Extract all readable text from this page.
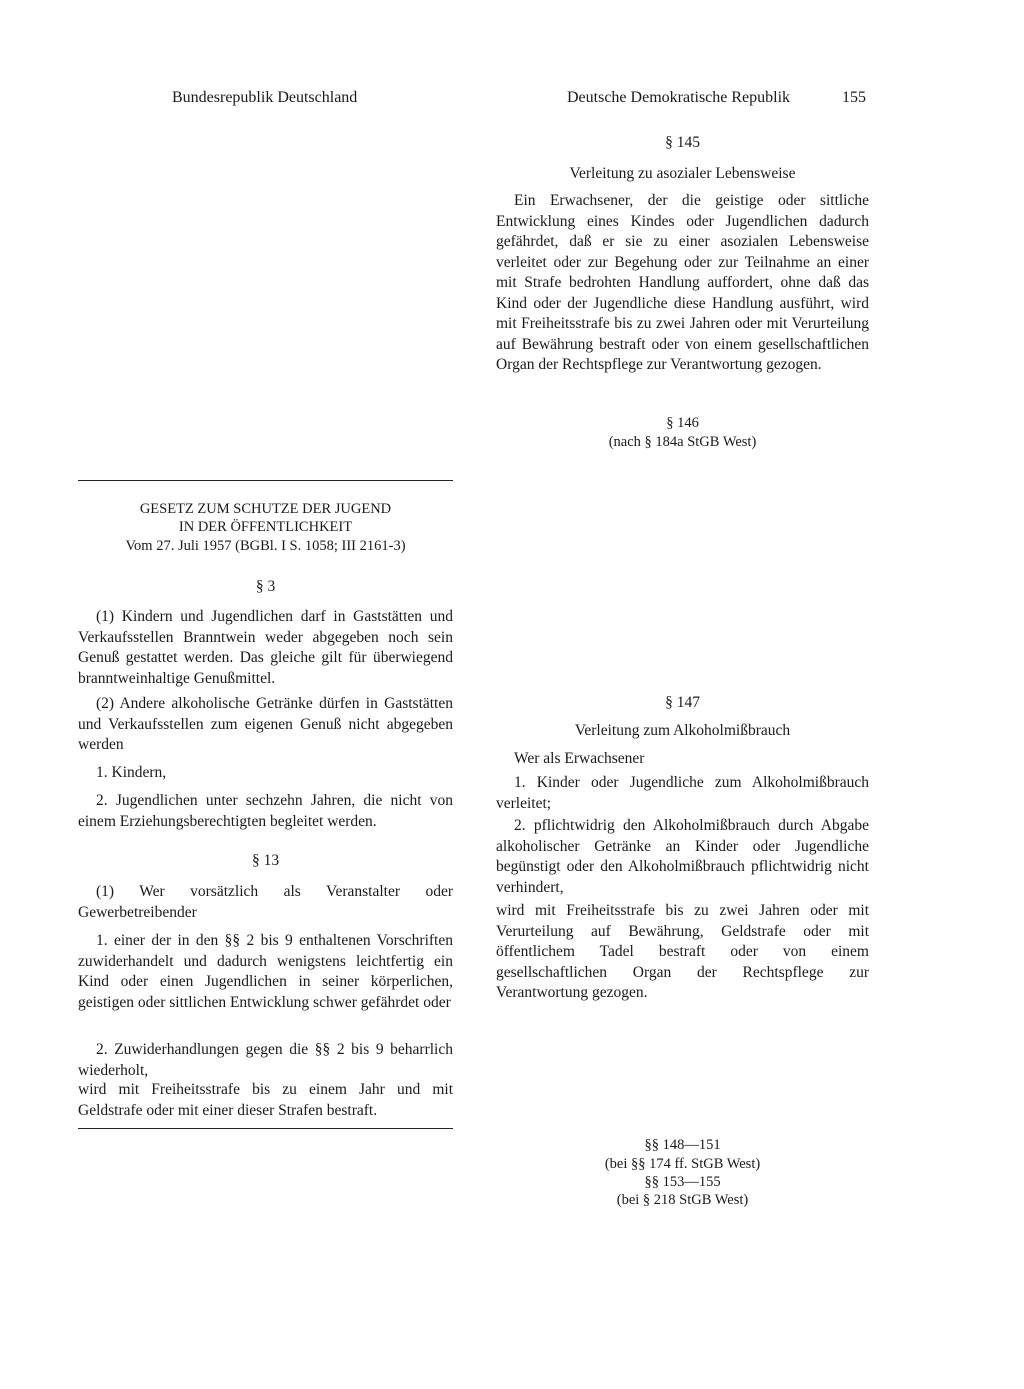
Bundesrepublik Deutschland	Deutsche Demokratische Republik	155
§ 145
Verleitung zu asozialer Lebensweise
Ein Erwachsener, der die geistige oder sittliche Entwicklung eines Kindes oder Jugendlichen dadurch gefährdet, daß er sie zu einer asozialen Lebensweise verleitet oder zur Begehung oder zur Teilnahme an einer mit Strafe bedrohten Handlung auffordert, ohne daß das Kind oder der Jugendliche diese Handlung ausführt, wird mit Freiheitsstrafe bis zu zwei Jahren oder mit Verurteilung auf Bewährung bestraft oder von einem gesellschaftlichen Organ der Rechtspflege zur Verantwortung gezogen.
§ 146
(nach § 184a StGB West)
GESETZ ZUM SCHUTZE DER JUGEND
IN DER ÖFFENTLICHKEIT
Vom 27. Juli 1957 (BGBl. I S. 1058; III 2161-3)
§ 3
(1) Kindern und Jugendlichen darf in Gaststätten und Verkaufsstellen Branntwein weder abgegeben noch sein Genuß gestattet werden. Das gleiche gilt für überwiegend branntweinhaltige Genußmittel.
(2) Andere alkoholische Getränke dürfen in Gaststätten und Verkaufsstellen zum eigenen Genuß nicht abgegeben werden
1. Kindern,
2. Jugendlichen unter sechzehn Jahren, die nicht von einem Erziehungsberechtigten begleitet werden.
§ 13
(1) Wer vorsätzlich als Veranstalter oder Gewerbetreibender
1. einer der in den §§ 2 bis 9 enthaltenen Vorschriften zuwiderhandelt und dadurch wenigstens leichtfertig ein Kind oder einen Jugendlichen in seiner körperlichen, geistigen oder sittlichen Entwicklung schwer gefährdet oder
2. Zuwiderhandlungen gegen die §§ 2 bis 9 beharrlich wiederholt,
wird mit Freiheitsstrafe bis zu einem Jahr und mit Geldstrafe oder mit einer dieser Strafen bestraft.
§ 147
Verleitung zum Alkoholmißbrauch
Wer als Erwachsener
1. Kinder oder Jugendliche zum Alkoholmißbrauch verleitet;
2. pflichtwidrig den Alkoholmißbrauch durch Abgabe alkoholischer Getränke an Kinder oder Jugendliche begünstigt oder den Alkoholmißbrauch pflichtwidrig nicht verhindert,
wird mit Freiheitsstrafe bis zu zwei Jahren oder mit Verurteilung auf Bewährung, Geldstrafe oder mit öffentlichem Tadel bestraft oder von einem gesellschaftlichen Organ der Rechtspflege zur Verantwortung gezogen.
§§ 148—151
(bei §§ 174 ff. StGB West)
§§ 153—155
(bei § 218 StGB West)
